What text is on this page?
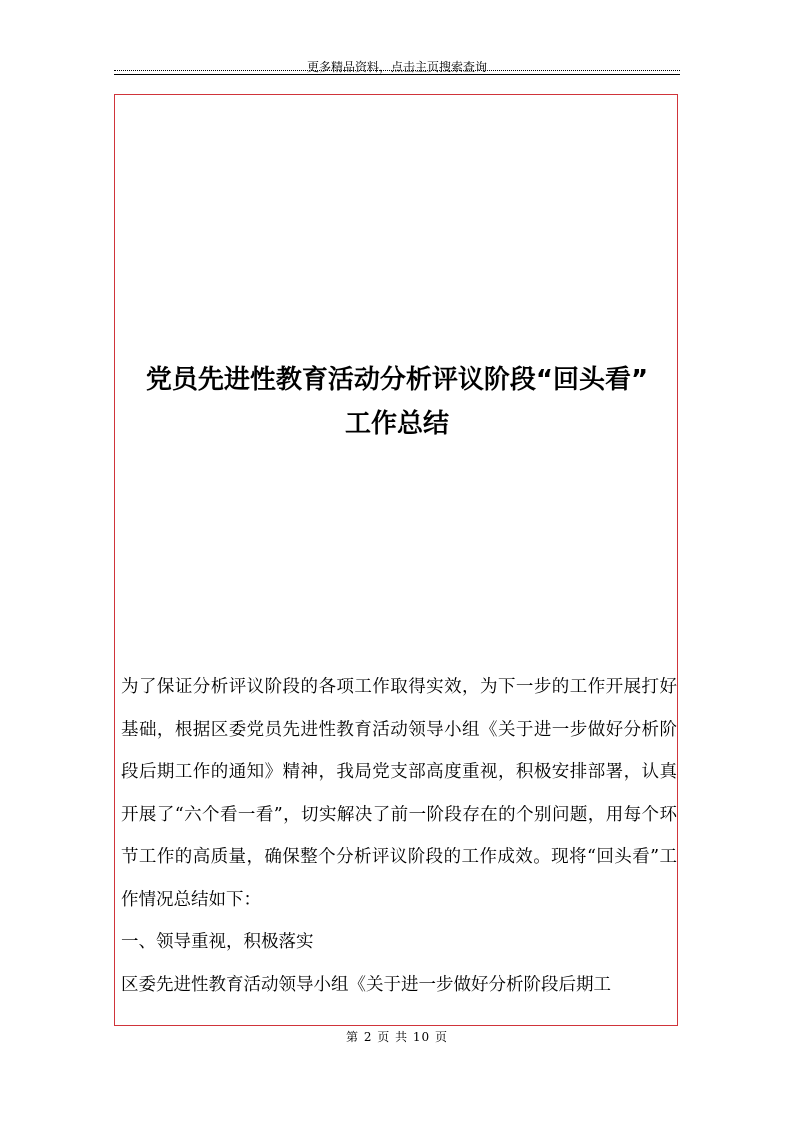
更多精品资料，点击主页搜索查询
党员先进性教育活动分析评议阶段“回头看”
工作总结

为了保证分析评议阶段的各项工作取得实效，为下一步的工作开展打好基础，根据区委党员先进性教育活动领导小组《关于进一步做好分析阶段后期工作的通知》精神，我局党支部高度重视，积极安排部署，认真开展了“六个看一看”，切实解决了前一阶段存在的个别问题，用每个环节工作的高质量，确保整个分析评议阶段的工作成效。现将“回头看”工作情况总结如下：

一、领导重视，积极落实

区委先进性教育活动领导小组《关于进一步做好分析阶段后期工

第 2 页 共 10 页
